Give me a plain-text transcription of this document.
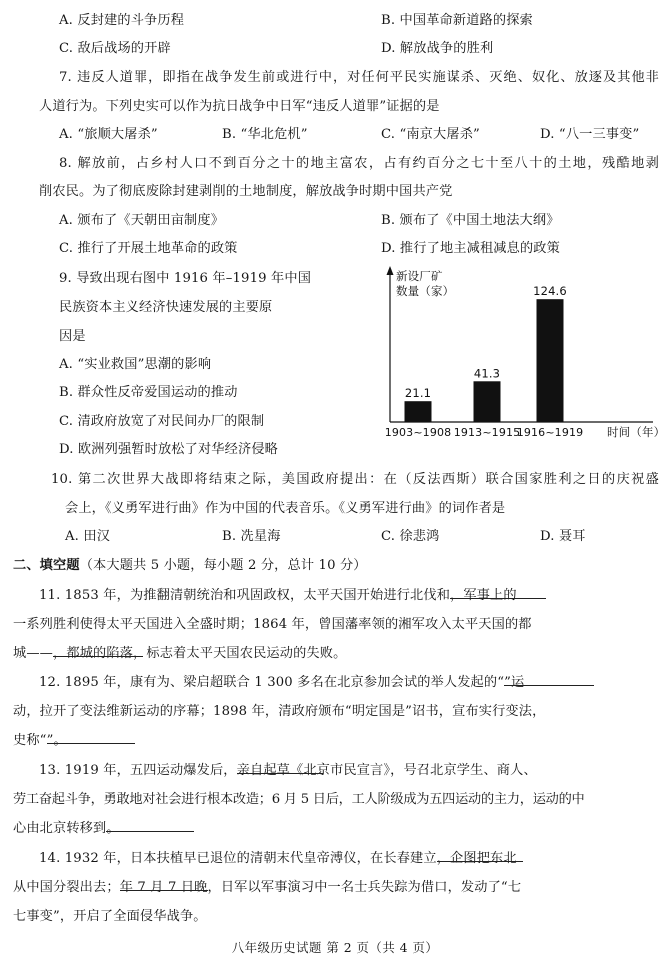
A. 反封建的斗争历程	B. 中国革命新道路的探索
C. 敌后战场的开辟	D. 解放战争的胜利
7. 违反人道罪，即指在战争发生前或进行中，对任何平民实施谋杀、灭绝、奴化、放逐及其他非
人道行为。下列史实可以作为抗日战争中日军“违反人道罪”证据的是
A. “旅顺大屠杀”	B. “华北危机”	C. “南京大屠杀”	D. “八一三事变”
8. 解放前，占乡村人口不到百分之十的地主富农，占有约百分之七十至八十的土地，残酷地剥
削农民。为了彻底废除封建剥削的土地制度，解放战争时期中国共产党
A. 颁布了《天朝田亩制度》	B. 颁布了《中国土地法大纲》
C. 推行了开展土地革命的政策	D. 推行了地主减租减息的政策
9. 导致出现右图中 1916 年–1919 年中国
民族资本主义经济快速发展的主要原
因是
A. “实业救国”思潮的影响
B. 群众性反帝爱国运动的推动
C. 清政府放宽了对民间办厂的限制
D. 欧洲列强暂时放松了对华经济侵略
新设厂矿
数量（家）
时间（年）
21.1
41.3
124.6
1903~1908 1913~1915
1916~1919
10. 第二次世界大战即将结束之际，美国政府提出：在（反法西斯）联合国家胜利之日的庆祝盛
会上，《义勇军进行曲》作为中国的代表音乐。《义勇军进行曲》的词作者是
A. 田汉	B. 冼星海	C. 徐悲鸿	D. 聂耳
二、填空题（本大题共 5 小题，每小题 2 分，总计 10 分）
11. 1853 年，为推翻清朝统治和巩固政权，太平天国开始进行北伐和
，军事上的
一系列胜利使得太平天国进入全盛时期；1864 年，曾国藩率领的湘军攻入太平天国的都
城——
，都城的陷落，标志着太平天国农民运动的失败。
12. 1895 年，康有为、梁启超联合 1 300 多名在北京参加会试的举人发起的“
”运
动，拉开了变法维新运动的序幕；1898 年，清政府颁布“明定国是”诏书，宣布实行变法，
史称“
”。
13. 1919 年，五四运动爆发后，
亲自起草《北京市民宣言》，号召北京学生、商人、
劳工奋起斗争，勇敢地对社会进行根本改造；6 月 5 日后，工人阶级成为五四运动的主力，运动的中
心由北京转移到
。
14. 1932 年，日本扶植早已退位的清朝末代皇帝溥仪，在长春建立
，企图把东北
从中国分裂出去；
年 7 月 7 日晚，日军以军事演习中一名士兵失踪为借口，发动了“七
七事变”，开启了全面侵华战争。
八年级历史试题 第 2 页（共 4 页）
